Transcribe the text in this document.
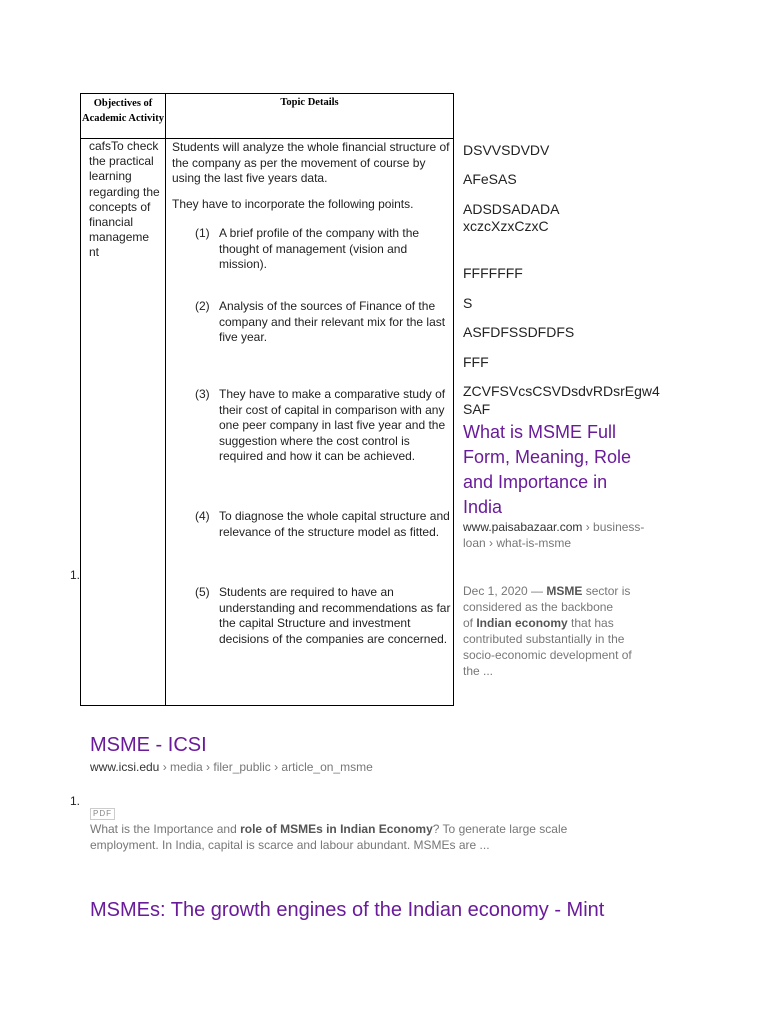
Objectives of Academic Activity
Topic Details
cafsTo check the practical learning regarding the concepts of financial manageme nt
Students will analyze the whole financial structure of the company as per the movement of course by using the last five years data.
They have to incorporate the following points.
(1) A brief profile of the company with the thought of management (vision and mission).
(2) Analysis of the sources of Finance of the company and their relevant mix for the last five year.
(3) They have to make a comparative study of their cost of capital in comparison with any one peer company in last five year and the suggestion where the cost control is required and how it can be achieved.
(4) To diagnose the whole capital structure and relevance of the structure model as fitted.
(5) Students are required to have an understanding and recommendations as far the capital Structure and investment decisions of the companies are concerned.
DSVVSDVDV
AFeSAS
ADSDSADADA
xczcXzxCzxC
FFFFFFF
S
ASFDFSSDFDFS
FFF
ZCVFSVcsCSVDsdvRDsrEgw4
SAF
What is MSME Full
Form, Meaning, Role
and Importance in
India
www.paisabazaar.com › business-
loan › what-is-msme
Dec 1, 2020 — MSME sector is
considered as the backbone
of Indian economy that has
contributed substantially in the
socio-economic development of
the ...
1.
MSME - ICSI
www.icsi.edu › media › filer_public › article_on_msme
1.
PDF
What is the Importance and role of MSMEs in Indian Economy? To generate large scale
employment. In India, capital is scarce and labour abundant. MSMEs are ...
MSMEs: The growth engines of the Indian economy - Mint
